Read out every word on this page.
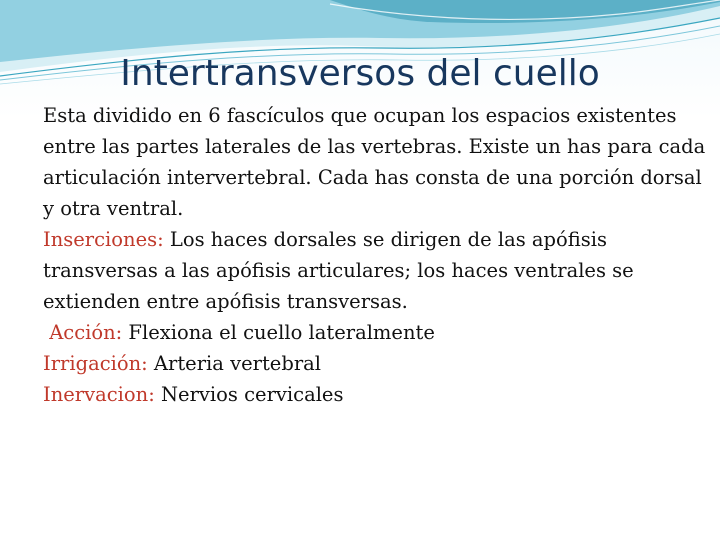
Intertransversos del cuello

Esta dividido en 6 fascículos que ocupan los espacios existentes entre las partes laterales de las vertebras. Existe un has para cada articulación intervertebral. Cada has consta de una porción dorsal y otra ventral.

Inserciones: Los haces dorsales se dirigen de las apófisis transversas a las apófisis articulares; los haces ventrales se extienden entre apófisis transversas.

Acción: Flexiona el cuello lateralmente

Irrigación: Arteria vertebral

Inervacion: Nervios cervicales
